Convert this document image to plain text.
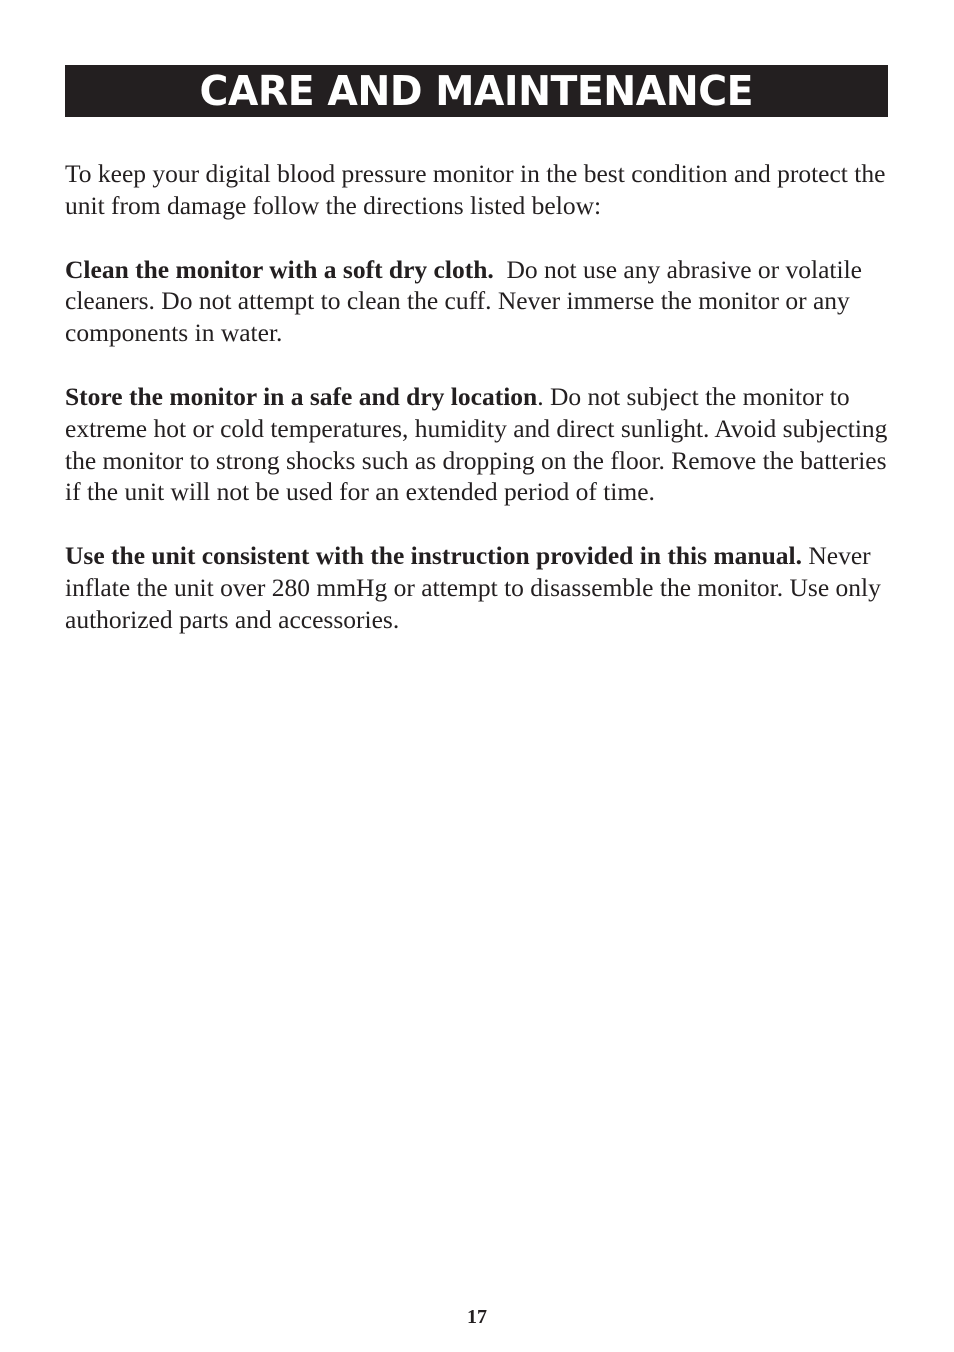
CARE AND MAINTENANCE

To keep your digital blood pressure monitor in the best condition and protect the unit from damage follow the directions listed below:

Clean the monitor with a soft dry cloth.  Do not use any abrasive or volatile cleaners. Do not attempt to clean the cuff. Never immerse the monitor or any components in water.

Store the monitor in a safe and dry location. Do not subject the monitor to extreme hot or cold temperatures, humidity and direct sunlight. Avoid subjecting the monitor to strong shocks such as dropping on the floor. Remove the batteries if the unit will not be used for an extended period of time.

Use the unit consistent with the instruction provided in this manual. Never inflate the unit over 280 mmHg or attempt to disassemble the monitor. Use only authorized parts and accessories.

17
